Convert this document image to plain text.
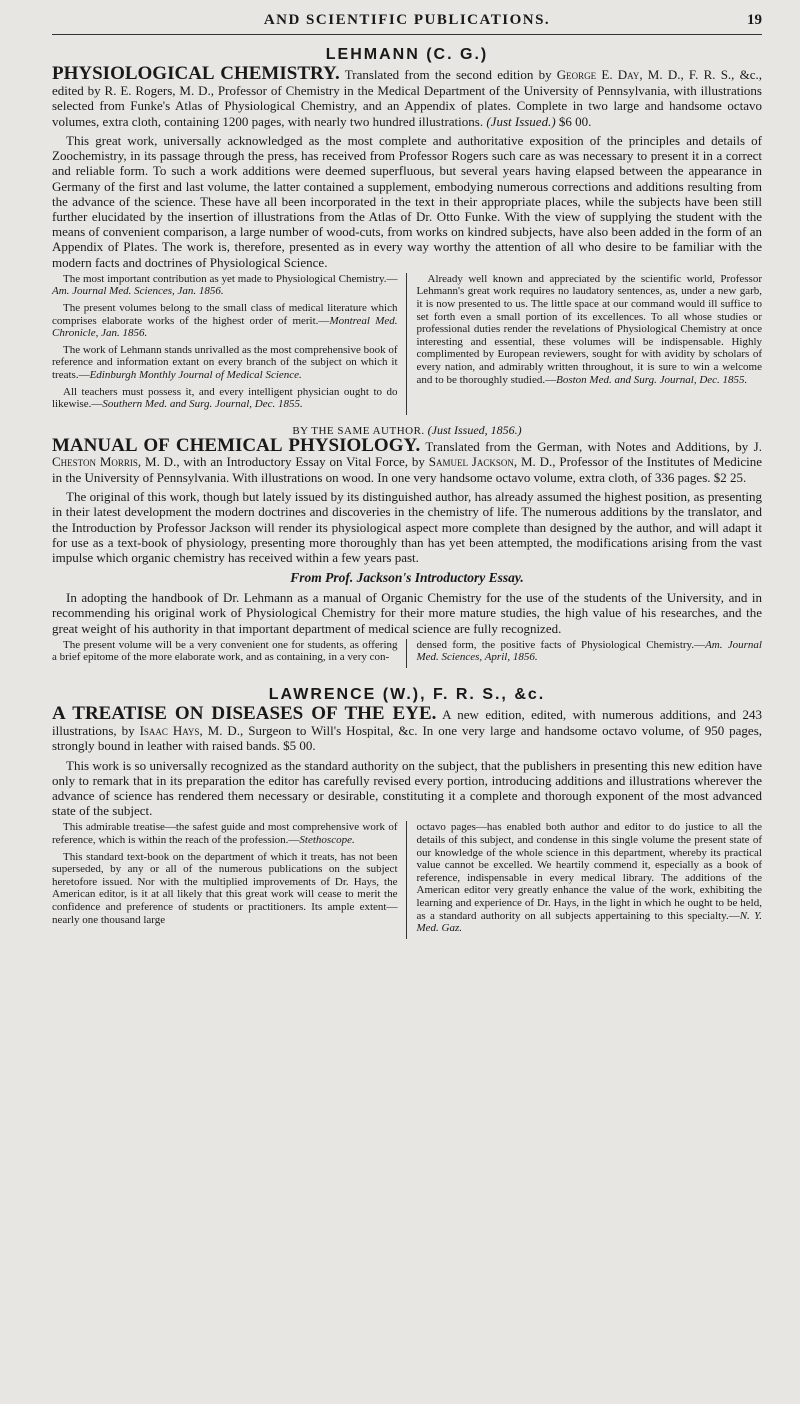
AND SCIENTIFIC PUBLICATIONS.	19
LEHMANN (C. G.)

PHYSIOLOGICAL CHEMISTRY. Translated from the second edition by George E. Day, M. D., F. R. S., &c., edited by R. E. Rogers, M. D., Professor of Chemistry in the Medical Department of the University of Pennsylvania, with illustrations selected from Funke's Atlas of Physiological Chemistry, and an Appendix of plates. Complete in two large and handsome octavo volumes, extra cloth, containing 1200 pages, with nearly two hundred illustrations. (Just Issued.) $6 00.

This great work, universally acknowledged as the most complete and authoritative exposition of the principles and details of Zoochemistry, in its passage through the press, has received from Professor Rogers such care as was necessary to present it in a correct and reliable form. To such a work additions were deemed superfluous, but several years having elapsed between the appearance in Germany of the first and last volume, the latter contained a supplement, embodying numerous corrections and additions resulting from the advance of the science. These have all been incorporated in the text in their appropriate places, while the subjects have been still further elucidated by the insertion of illustrations from the Atlas of Dr. Otto Funke. With the view of supplying the student with the means of convenient comparison, a large number of wood-cuts, from works on kindred subjects, have also been added in the form of an Appendix of Plates. The work is, therefore, presented as in every way worthy the attention of all who desire to be familiar with the modern facts and doctrines of Physiological Science.

The most important contribution as yet made to Physiological Chemistry.—Am. Journal Med. Sciences, Jan. 1856.

The present volumes belong to the small class of medical literature which comprises elaborate works of the highest order of merit.—Montreal Med. Chronicle, Jan. 1856.

The work of Lehmann stands unrivalled as the most comprehensive book of reference and information extant on every branch of the subject on which it treats.—Edinburgh Monthly Journal of Medical Science.

All teachers must possess it, and every intelligent physician ought to do likewise.—Southern Med. and Surg. Journal, Dec. 1855.

Already well known and appreciated by the scientific world, Professor Lehmann's great work requires no laudatory sentences, as, under a new garb, it is now presented to us. The little space at our command would ill suffice to set forth even a small portion of its excellences. To all whose studies or professional duties render the revelations of Physiological Chemistry at once interesting and essential, these volumes will be indispensable. Highly complimented by European reviewers, sought for with avidity by scholars of every nation, and admirably written throughout, it is sure to win a welcome and to be thoroughly studied.—Boston Med. and Surg. Journal, Dec. 1855.

BY THE SAME AUTHOR. (Just Issued, 1856.)

MANUAL OF CHEMICAL PHYSIOLOGY. Translated from the German, with Notes and Additions, by J. Cheston Morris, M. D., with an Introductory Essay on Vital Force, by Samuel Jackson, M. D., Professor of the Institutes of Medicine in the University of Pennsylvania. With illustrations on wood. In one very handsome octavo volume, extra cloth, of 336 pages. $2 25.

The original of this work, though but lately issued by its distinguished author, has already assumed the highest position, as presenting in their latest development the modern doctrines and discoveries in the chemistry of life. The numerous additions by the translator, and the Introduction by Professor Jackson will render its physiological aspect more complete than designed by the author, and will adapt it for use as a text-book of physiology, presenting more thoroughly than has yet been attempted, the modifications arising from the vast impulse which organic chemistry has received within a few years past.

From Prof. Jackson's Introductory Essay.

In adopting the handbook of Dr. Lehmann as a manual of Organic Chemistry for the use of the students of the University, and in recommending his original work of Physiological Chemistry for their more mature studies, the high value of his researches, and the great weight of his authority in that important department of medical science are fully recognized.

The present volume will be a very convenient one for students, as offering a brief epitome of the more elaborate work, and as containing, in a very con-

densed form, the positive facts of Physiological Chemistry.—Am. Journal Med. Sciences, April, 1856.

LAWRENCE (W.), F. R. S., &c.

A TREATISE ON DISEASES OF THE EYE. A new edition, edited, with numerous additions, and 243 illustrations, by Isaac Hays, M. D., Surgeon to Will's Hospital, &c. In one very large and handsome octavo volume, of 950 pages, strongly bound in leather with raised bands. $5 00.

This work is so universally recognized as the standard authority on the subject, that the publishers in presenting this new edition have only to remark that in its preparation the editor has carefully revised every portion, introducing additions and illustrations wherever the advance of science has rendered them necessary or desirable, constituting it a complete and thorough exponent of the most advanced state of the subject.

This admirable treatise—the safest guide and most comprehensive work of reference, which is within the reach of the profession.—Stethoscope.

This standard text-book on the department of which it treats, has not been superseded, by any or all of the numerous publications on the subject heretofore issued. Nor with the multiplied improvements of Dr. Hays, the American editor, is it at all likely that this great work will cease to merit the confidence and preference of students or practitioners. Its ample extent—nearly one thousand large

octavo pages—has enabled both author and editor to do justice to all the details of this subject, and condense in this single volume the present state of our knowledge of the whole science in this department, whereby its practical value cannot be excelled. We heartily commend it, especially as a book of reference, indispensable in every medical library. The additions of the American editor very greatly enhance the value of the work, exhibiting the learning and experience of Dr. Hays, in the light in which he ought to be held, as a standard authority on all subjects appertaining to this specialty.—N. Y. Med. Gaz.
